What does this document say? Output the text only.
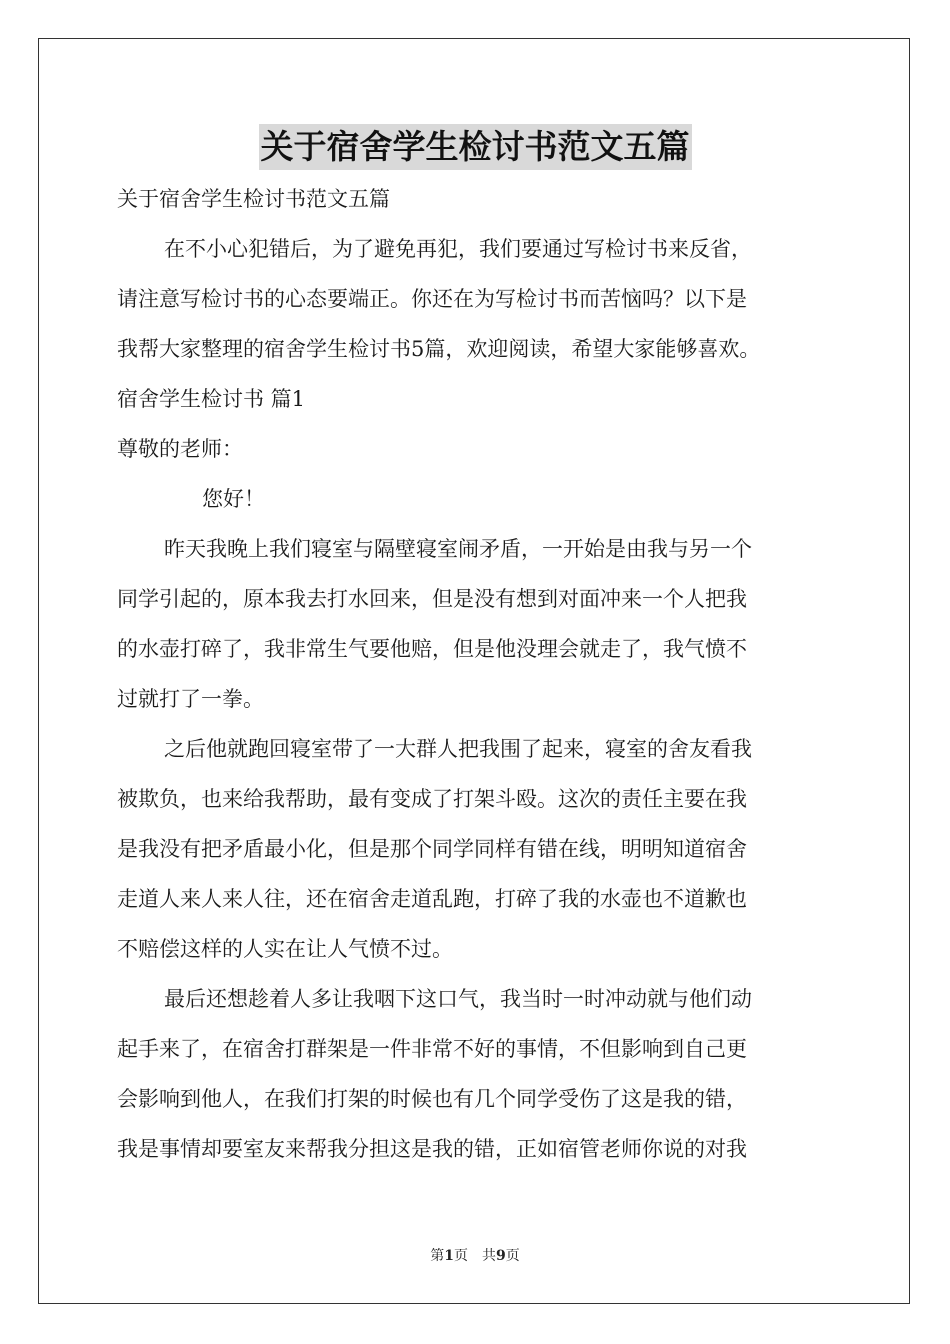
关于宿舍学生检讨书范文五篇

关于宿舍学生检讨书范文五篇

在不小心犯错后，为了避免再犯，我们要通过写检讨书来反省，

请注意写检讨书的心态要端正。你还在为写检讨书而苦恼吗？以下是

我帮大家整理的宿舍学生检讨书5篇，欢迎阅读，希望大家能够喜欢。

宿舍学生检讨书 篇1

尊敬的老师：

您好！

昨天我晚上我们寝室与隔壁寝室闹矛盾，一开始是由我与另一个

同学引起的，原本我去打水回来，但是没有想到对面冲来一个人把我

的水壶打碎了，我非常生气要他赔，但是他没理会就走了，我气愤不

过就打了一拳。

之后他就跑回寝室带了一大群人把我围了起来，寝室的舍友看我

被欺负，也来给我帮助，最有变成了打架斗殴。这次的责任主要在我

是我没有把矛盾最小化，但是那个同学同样有错在线，明明知道宿舍

走道人来人来人往，还在宿舍走道乱跑，打碎了我的水壶也不道歉也

不赔偿这样的人实在让人气愤不过。

最后还想趁着人多让我咽下这口气，我当时一时冲动就与他们动

起手来了，在宿舍打群架是一件非常不好的事情，不但影响到自己更

会影响到他人，在我们打架的时候也有几个同学受伤了这是我的错，

我是事情却要室友来帮我分担这是我的错，正如宿管老师你说的对我

第1页　共9页
